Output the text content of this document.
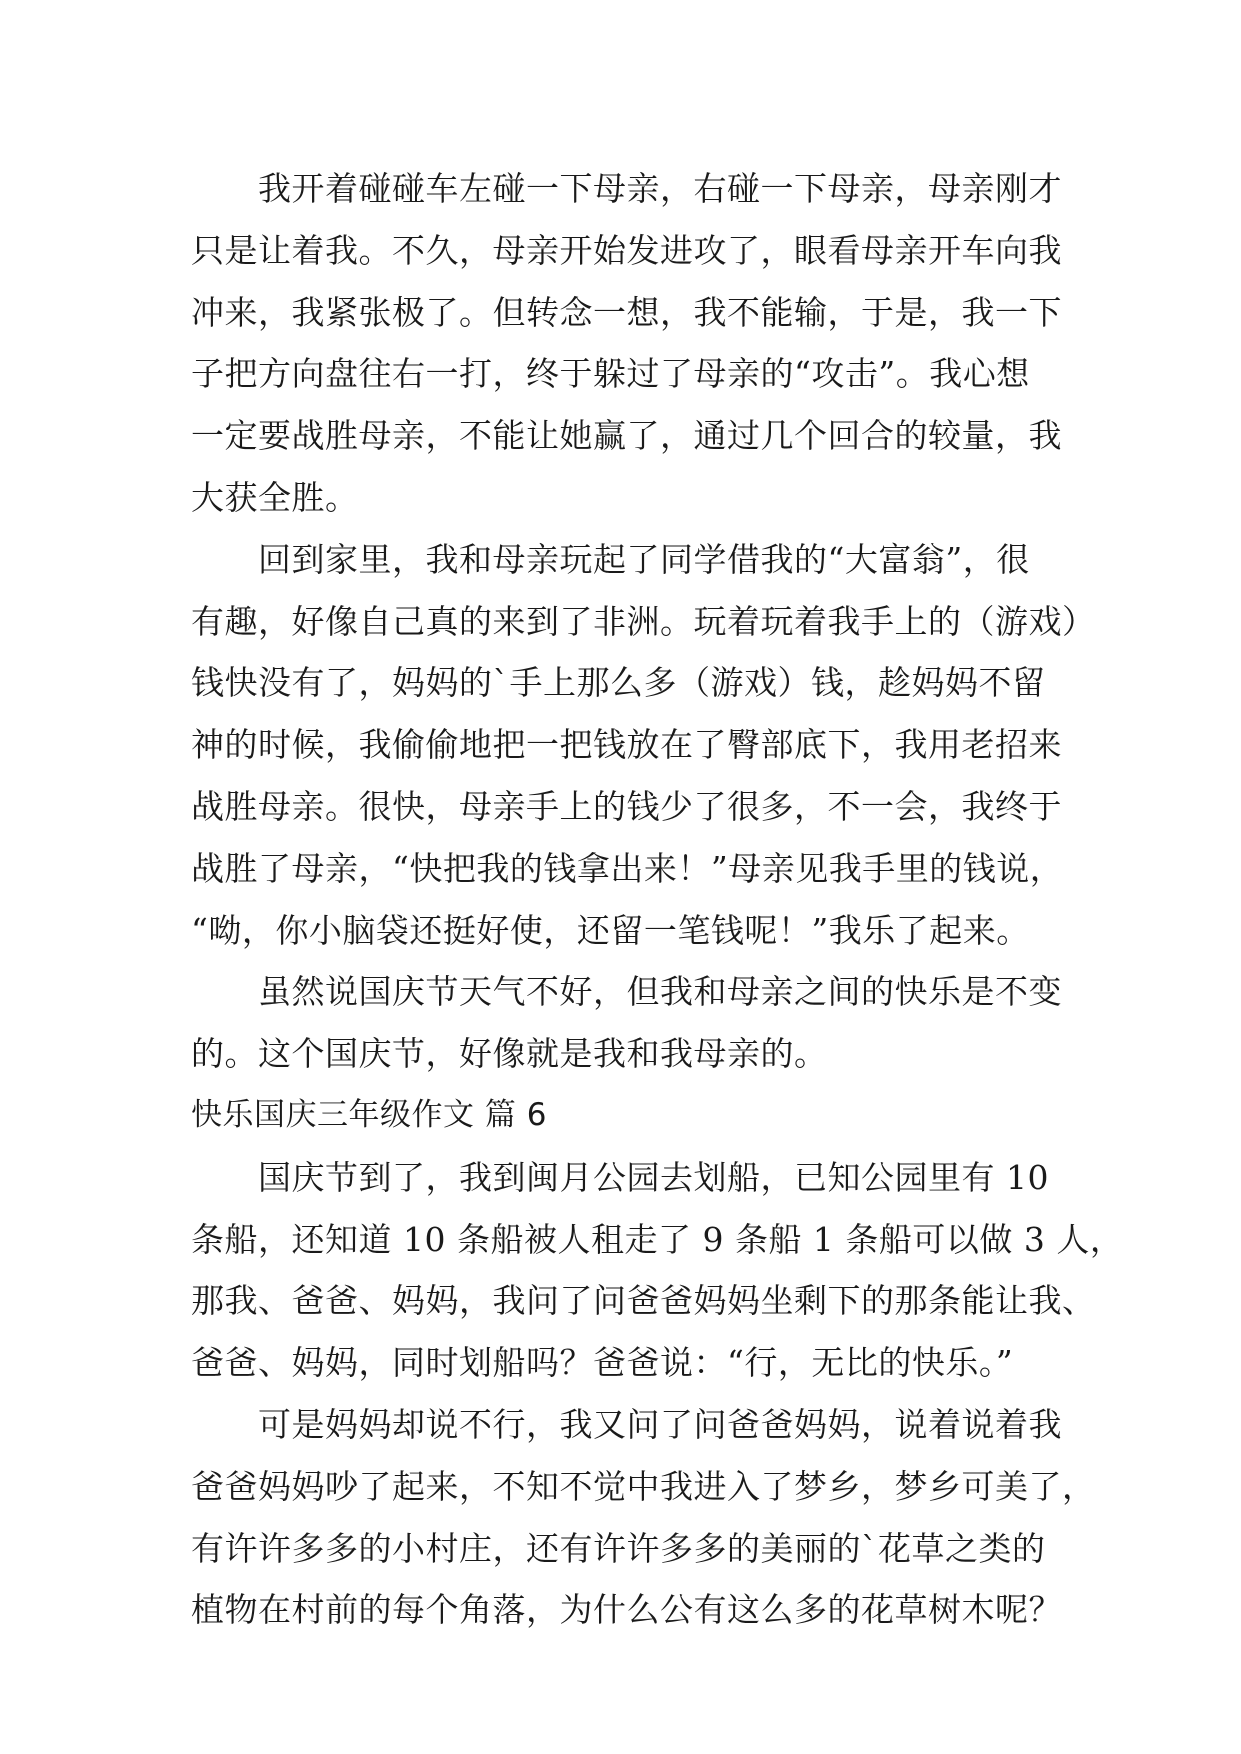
　　我开着碰碰车左碰一下母亲，右碰一下母亲，母亲刚才
只是让着我。不久，母亲开始发进攻了，眼看母亲开车向我
冲来，我紧张极了。但转念一想，我不能输，于是，我一下
子把方向盘往右一打，终于躲过了母亲的“攻击”。我心想
一定要战胜母亲，不能让她赢了，通过几个回合的较量，我
大获全胜。
　　回到家里，我和母亲玩起了同学借我的“大富翁”，很
有趣，好像自己真的来到了非洲。玩着玩着我手上的（游戏）
钱快没有了，妈妈的`手上那么多（游戏）钱，趁妈妈不留
神的时候，我偷偷地把一把钱放在了臀部底下，我用老招来
战胜母亲。很快，母亲手上的钱少了很多，不一会，我终于
战胜了母亲，“快把我的钱拿出来！”母亲见我手里的钱说，
“呦，你小脑袋还挺好使，还留一笔钱呢！”我乐了起来。
　　虽然说国庆节天气不好，但我和母亲之间的快乐是不变
的。这个国庆节，好像就是我和我母亲的。
快乐国庆三年级作文 篇 6
　　国庆节到了，我到闽月公园去划船，已知公园里有 10
条船，还知道 10 条船被人租走了 9 条船 1 条船可以做 3 人，
那我、爸爸、妈妈，我问了问爸爸妈妈坐剩下的那条能让我、
爸爸、妈妈，同时划船吗？爸爸说：“行，无比的快乐。”
　　可是妈妈却说不行，我又问了问爸爸妈妈，说着说着我
爸爸妈妈吵了起来，不知不觉中我进入了梦乡，梦乡可美了，
有许许多多的小村庄，还有许许多多的美丽的`花草之类的
植物在村前的每个角落，为什么公有这么多的花草树木呢？
